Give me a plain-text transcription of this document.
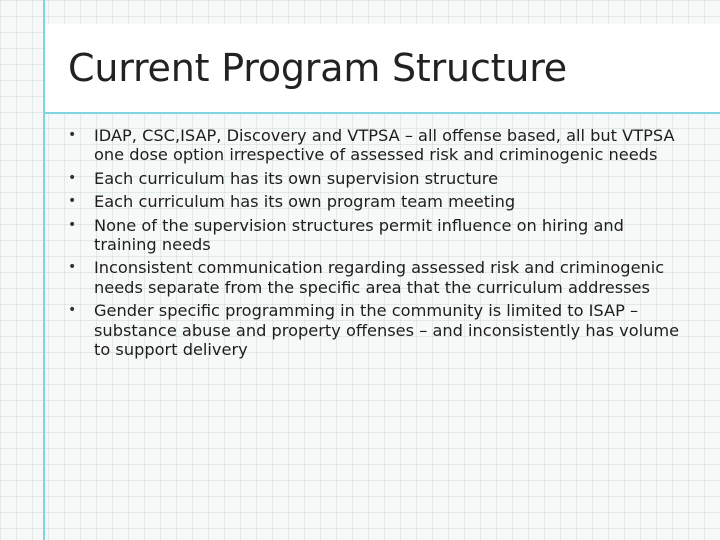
Current Program Structure
•	IDAP, CSC,ISAP, Discovery and VTPSA – all offense based, all but VTPSA one dose option irrespective of assessed risk and criminogenic needs
•	Each curriculum has its own supervision structure
•	Each curriculum has its own program team meeting
•	None of the supervision structures permit influence on hiring and training needs
•	Inconsistent communication regarding assessed risk and criminogenic needs separate from the specific area that the curriculum addresses
•	Gender specific programming in the community is limited to ISAP – substance abuse and property offenses – and inconsistently has volume to support delivery
